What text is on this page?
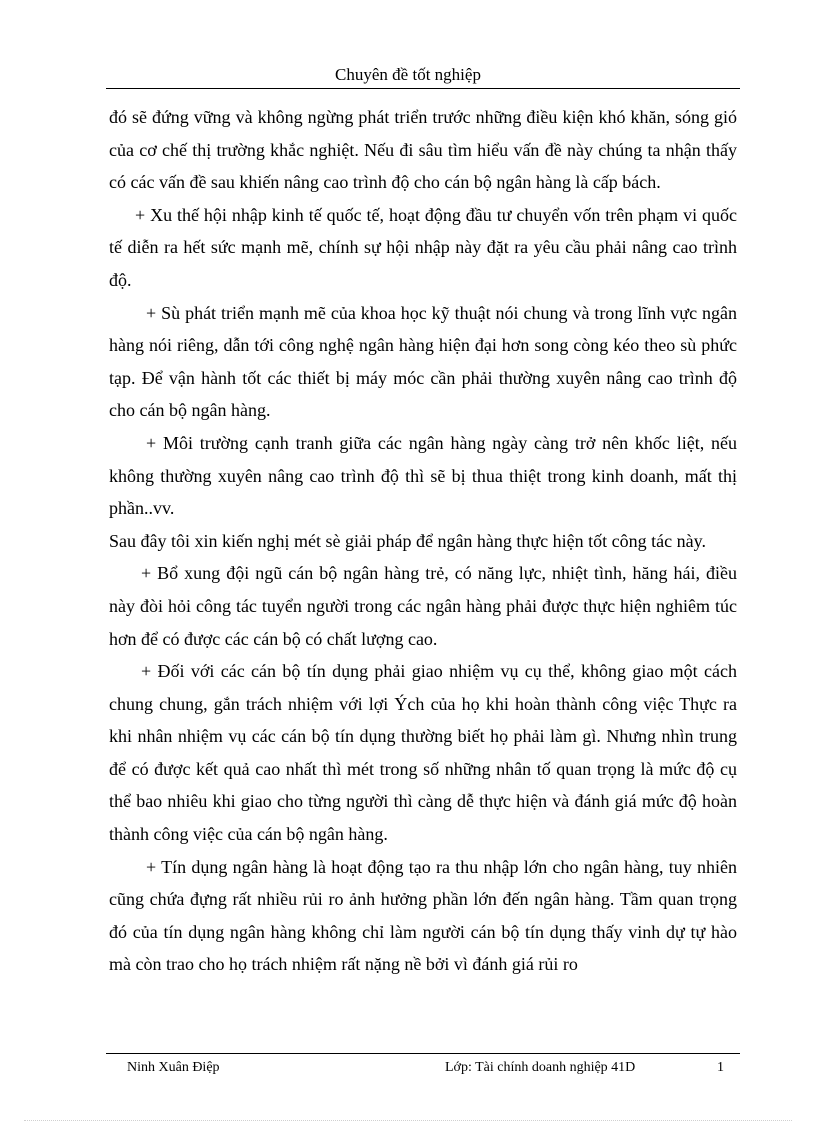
Chuyên đề tốt nghiệp

đó sẽ đứng vững và không ngừng phát triển trước những điều kiện khó khăn, sóng gió của cơ chế thị trường khắc nghiệt. Nếu đi sâu tìm hiểu vấn đề này chúng ta nhận thấy có các vấn đề sau khiến nâng cao trình độ cho cán bộ ngân hàng là cấp bách.

+ Xu thế hội nhập kinh tế quốc tế, hoạt động đầu tư chuyển vốn trên phạm vi quốc tế diễn ra hết sức mạnh mẽ, chính sự hội nhập này đặt ra yêu cầu phải nâng cao trình độ.

+ Sù phát triển mạnh mẽ của khoa học kỹ thuật nói chung và trong lĩnh vực ngân hàng nói riêng, dẫn tới công nghệ ngân hàng hiện đại hơn song còng kéo theo sù phức tạp. Để vận hành tốt các thiết bị máy móc cần phải thường xuyên nâng cao trình độ cho cán bộ ngân hàng.

+ Môi trường cạnh tranh giữa các ngân hàng ngày càng trở nên khốc liệt, nếu không thường xuyên nâng cao trình độ thì sẽ bị thua thiệt trong kinh doanh, mất thị phần..vv.

Sau đây tôi xin kiến nghị mét sè giải pháp để ngân hàng thực hiện tốt công tác này.

+ Bổ xung đội ngũ cán bộ ngân hàng trẻ, có năng lực, nhiệt tình, hăng hái, điều này đòi hỏi công tác tuyển người trong các ngân hàng phải được thực hiện nghiêm túc hơn để có được các cán bộ có chất lượng cao.

+ Đối với các cán bộ tín dụng phải giao nhiệm vụ cụ thể, không giao một cách chung chung, gắn trách nhiệm với lợi Ých của họ khi hoàn thành công việc Thực ra khi nhân nhiệm vụ các cán bộ tín dụng thường biết họ phải làm gì. Nhưng nhìn trung để có được kết quả cao nhất thì mét trong số những nhân tố quan trọng là mức độ cụ thể bao nhiêu khi giao cho từng người thì càng dễ thực hiện và đánh giá mức độ hoàn thành công việc của cán bộ ngân hàng.

+ Tín dụng ngân hàng là hoạt động tạo ra thu nhập lớn cho ngân hàng, tuy nhiên cũng chứa đựng rất nhiều rủi ro ảnh hưởng phần lớn đến ngân hàng. Tầm quan trọng đó của tín dụng ngân hàng không chỉ làm người cán bộ tín dụng thấy vinh dự tự hào mà còn trao cho họ trách nhiệm rất nặng nề bởi vì đánh giá rủi ro

Ninh Xuân Điệp	Lớp: Tài chính doanh nghiệp 41D	1
